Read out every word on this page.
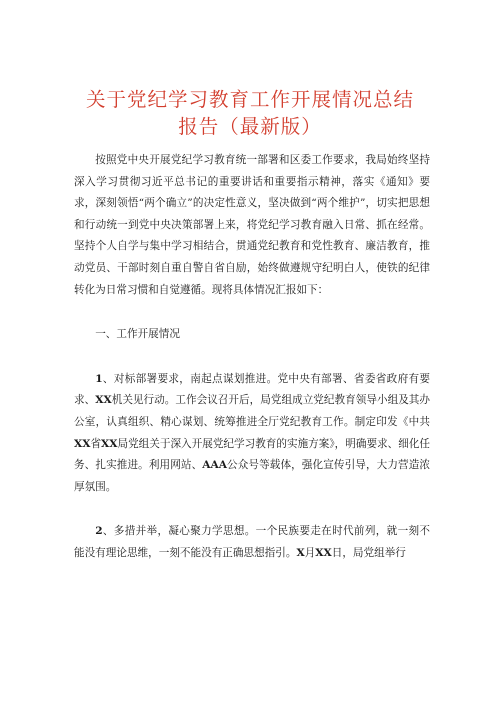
关于党纪学习教育工作开展情况总结
报告（最新版）

按照党中央开展党纪学习教育统一部署和区委工作要求，我局始终坚持深入学习贯彻习近平总书记的重要讲话和重要指示精神，落实《通知》要求，深刻领悟“两个确立”的决定性意义，坚决做到“两个维护”，切实把思想和行动统一到党中央决策部署上来，将党纪学习教育融入日常、抓在经常。坚持个人自学与集中学习相结合，贯通党纪教育和党性教育、廉洁教育，推动党员、干部时刻自重自警自省自励，始终做遵规守纪明白人，使铁的纪律转化为日常习惯和自觉遵循。现将具体情况汇报如下：

一、工作开展情况

1、对标部署要求，南起点谋划推进。党中央有部署、省委省政府有要求、XX机关见行动。工作会议召开后，局党组成立党纪教育领导小组及其办公室，认真组织、精心谋划、统筹推进全厅党纪教育工作。制定印发《中共XX省XX局党组关于深入开展党纪学习教育的实施方案》，明确要求、细化任务、扎实推进。利用网站、AAA公众号等载体，强化宣传引导，大力营造浓厚氛围。

2、多措并举，凝心聚力学思想。一个民族要走在时代前列，就一刻不能没有理论思维，一刻不能没有正确思想指引。X月XX日，局党组举行
